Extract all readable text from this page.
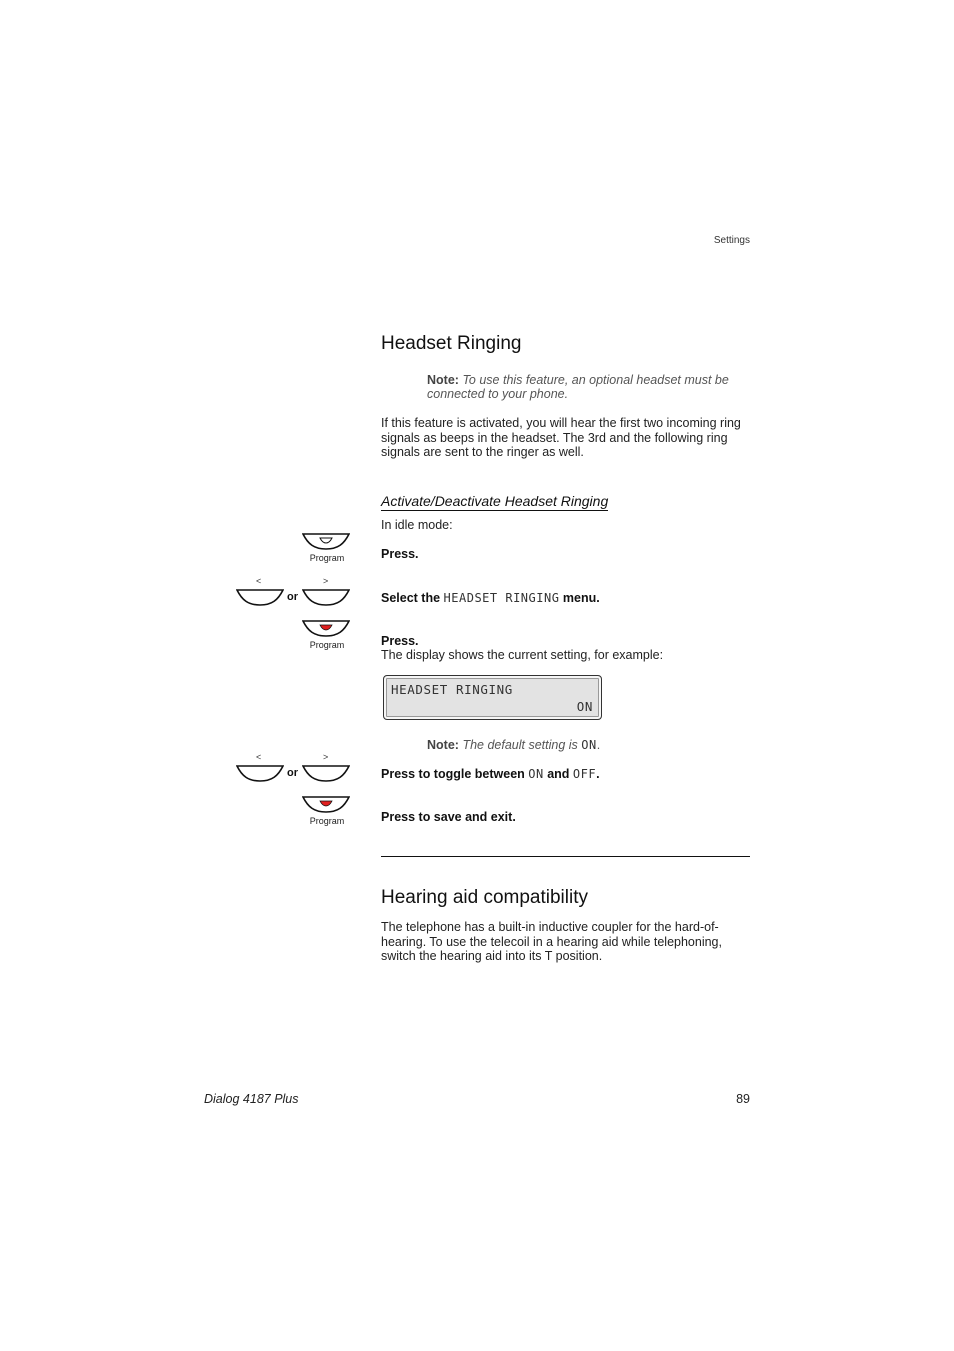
Settings
Headset Ringing
Note: To use this feature, an optional headset must be
connected to your phone.
If this feature is activated, you will hear the first two incoming ring
signals as beeps in the headset. The 3rd and the following ring
signals are sent to the ringer as well.
Activate/Deactivate Headset Ringing
In idle mode:
Program	Press.
<	>
or	Select the HEADSET RINGING menu.
Program	Press.
The display shows the current setting, for example:
HEADSET RINGING
ON
Note: The default setting is ON.
<	>
or	Press to toggle between ON and OFF.
Program	Press to save and exit.
Hearing aid compatibility
The telephone has a built-in inductive coupler for the hard-of-
hearing. To use the telecoil in a hearing aid while telephoning,
switch the hearing aid into its T position.
Dialog 4187 Plus	89
